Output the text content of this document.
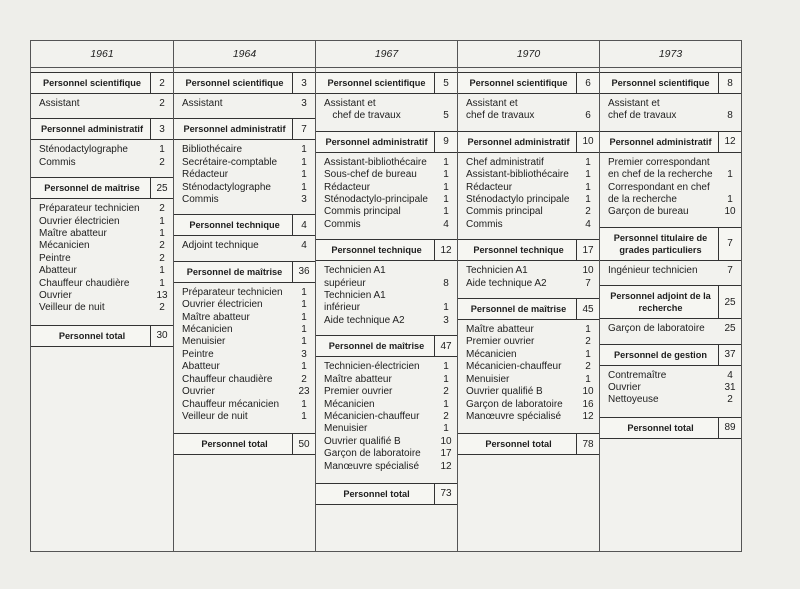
1961
Personnel scientifique	2
Assistant	2
Personnel administratif	3
Sténodactylographe	1
Commis	2
Personnel de maîtrise	25
Préparateur technicien	2
Ouvrier électricien	1
Maître abatteur	1
Mécanicien	2
Peintre	2
Abatteur	1
Chauffeur chaudière	1
Ouvrier	13
Veilleur de nuit	2
Personnel total	30
1964
Personnel scientifique	3
Assistant	3
Personnel administratif	7
Bibliothécaire	1
Secrétaire-comptable	1
Rédacteur	1
Sténodactylographe	1
Commis	3
Personnel technique	4
Adjoint technique	4
Personnel de maîtrise	36
Préparateur technicien	1
Ouvrier électricien	1
Maître abatteur	1
Mécanicien	1
Menuisier	1
Peintre	3
Abatteur	1
Chauffeur chaudière	2
Ouvrier	23
Chauffeur mécanicien	1
Veilleur de nuit	1
Personnel total	50
1967
Personnel scientifique	5
Assistant et
chef de travaux	5
Personnel administratif	9
Assistant-bibliothécaire	1
Sous-chef de bureau	1
Rédacteur	1
Sténodactylo-principale	1
Commis principal	1
Commis	4
Personnel technique	12
Technicien A1
supérieur	8
Technicien A1
inférieur	1
Aide technique A2	3
Personnel de maîtrise	47
Technicien-électricien	1
Maître abatteur	1
Premier ouvrier	2
Mécanicien	1
Mécanicien-chauffeur	2
Menuisier	1
Ouvrier qualifié B	10
Garçon de laboratoire	17
Manœuvre spécialisé	12
Personnel total	73
1970
Personnel scientifique	6
Assistant et
chef de travaux	6
Personnel administratif	10
Chef administratif	1
Assistant-bibliothécaire	1
Rédacteur	1
Sténodactylo principale	1
Commis principal	2
Commis	4
Personnel technique	17
Technicien A1	10
Aide technique A2	7
Personnel de maîtrise	45
Maître abatteur	1
Premier ouvrier	2
Mécanicien	1
Mécanicien-chauffeur	2
Menuisier	1
Ouvrier qualifié B	10
Garçon de laboratoire	16
Manœuvre spécialisé	12
Personnel total	78
1973
Personnel scientifique	8
Assistant et
chef de travaux	8
Personnel administratif	12
Premier correspondant
en chef de la recherche	1
Correspondant en chef
de la recherche	1
Garçon de bureau	10
Personnel titulaire de grades particuliers
7
Ingénieur technicien	7
Personnel adjoint de la recherche
25
Garçon de laboratoire	25
Personnel de gestion	37
Contremaître	4
Ouvrier	31
Nettoyeuse	2
Personnel total	89
